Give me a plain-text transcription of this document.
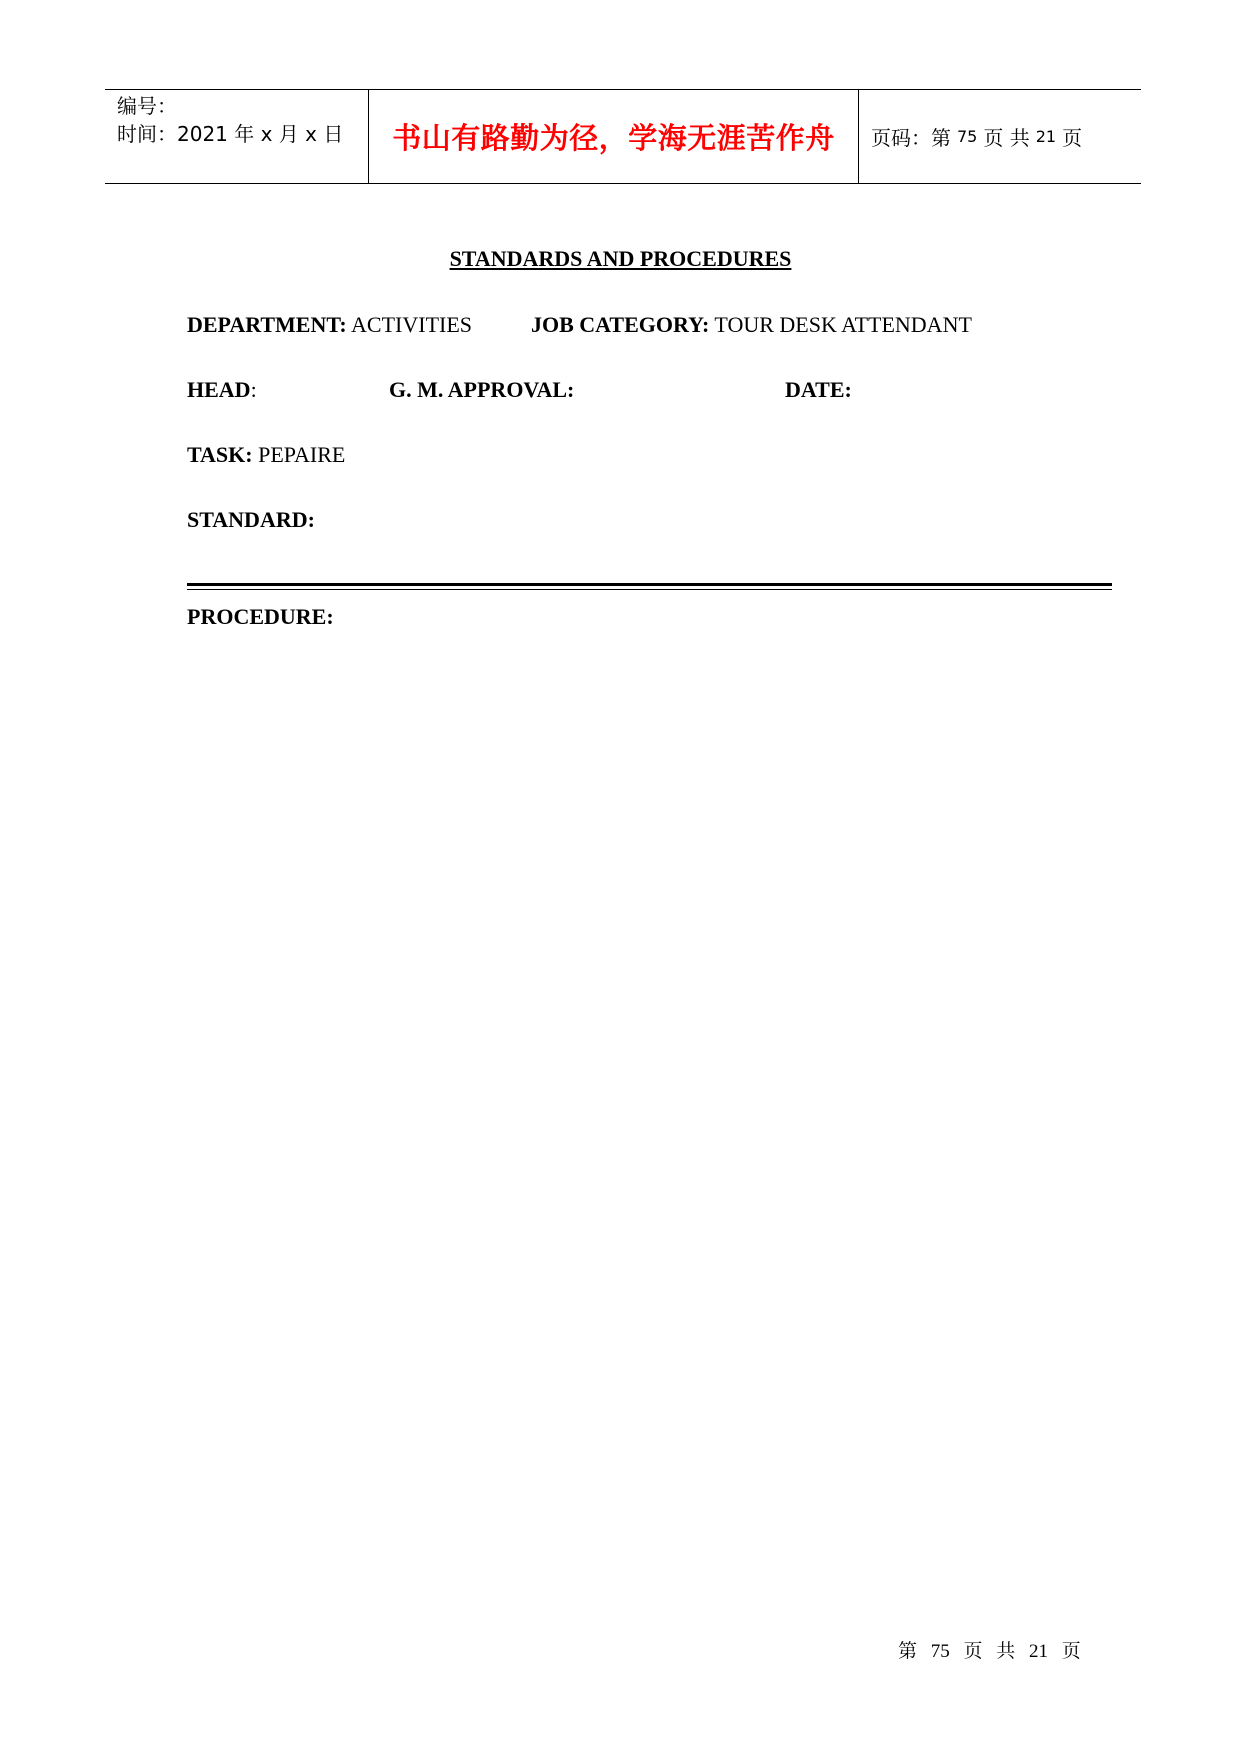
编号：
时间：2021 年 x 月 x 日	书山有路勤为径，学海无涯苦作舟	页码：第 75 页 共 21 页
STANDARDS AND PROCEDURES
DEPARTMENT: ACTIVITIES	JOB CATEGORY: TOUR DESK ATTENDANT
HEAD:	G. M. APPROVAL:	DATE:
TASK: PEPAIRE
STANDARD:
PROCEDURE:
第 75 页 共 21 页
